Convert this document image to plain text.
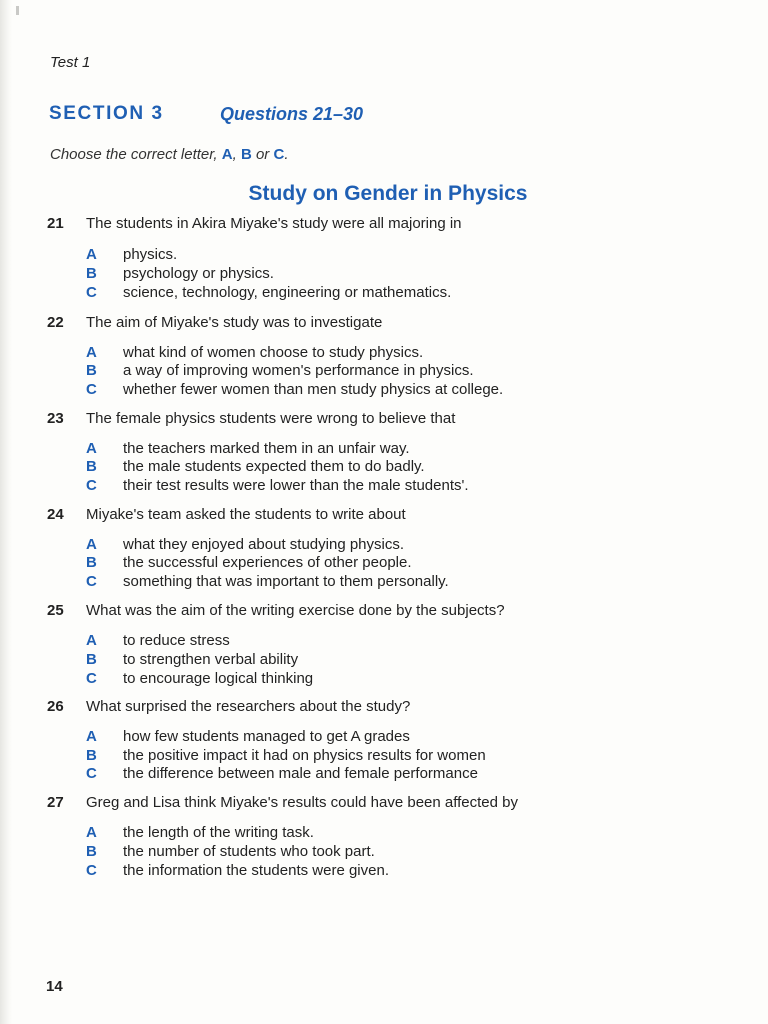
Test 1
SECTION 3	Questions 21–30
Choose the correct letter, A, B or C.
Study on Gender in Physics
21 The students in Akira Miyake's study were all majoring in
A physics.
B psychology or physics.
C science, technology, engineering or mathematics.
22 The aim of Miyake's study was to investigate
A what kind of women choose to study physics.
B a way of improving women's performance in physics.
C whether fewer women than men study physics at college.
23 The female physics students were wrong to believe that
A the teachers marked them in an unfair way.
B the male students expected them to do badly.
C their test results were lower than the male students'.
24 Miyake's team asked the students to write about
A what they enjoyed about studying physics.
B the successful experiences of other people.
C something that was important to them personally.
25 What was the aim of the writing exercise done by the subjects?
A to reduce stress
B to strengthen verbal ability
C to encourage logical thinking
26 What surprised the researchers about the study?
A how few students managed to get A grades
B the positive impact it had on physics results for women
C the difference between male and female performance
27 Greg and Lisa think Miyake's results could have been affected by
A the length of the writing task.
B the number of students who took part.
C the information the students were given.
14
